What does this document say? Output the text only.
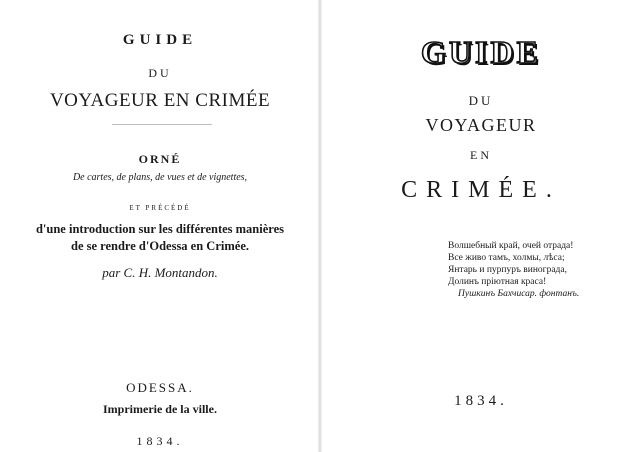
GUIDE
DU
VOYAGEUR EN CRIMÉE
ORNÉ
De cartes, de plans, de vues et de vignettes,
ET PRÉCÉDÉ
d'une introduction sur les différentes manières
de se rendre d'Odessa en Crimée.
par C. H. Montandon.
ODESSA.
Imprimerie de la ville.
1834.
GUIDE
DU
VOYAGEUR
EN
CRIMÉE.
Волшебный край, очей отрада!
Все живо тамъ, холмы, лѣса;
Янтарь и пурпуръ винограда,
Долинъ пріютная краса!
Пушкинъ Бахчисар. фонтанъ.
1834.
